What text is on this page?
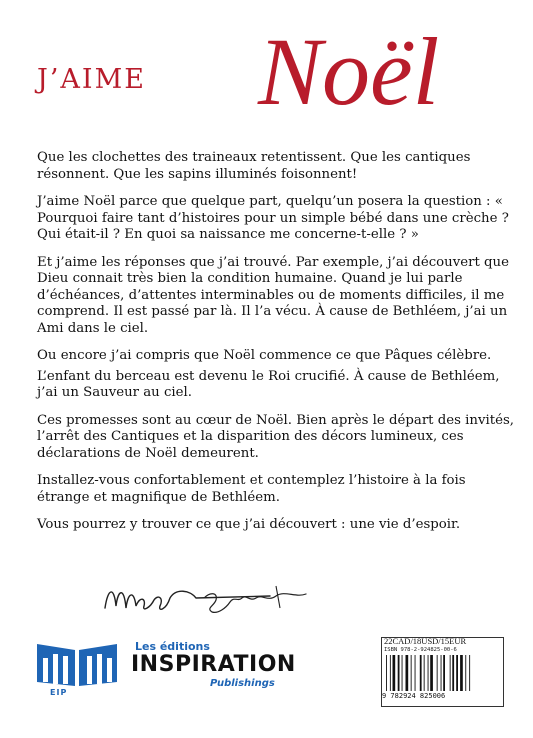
J’AIME Noël

Que les clochettes des traineaux retentissent. Que les cantiques résonnent. Que les sapins illuminés foisonnent!

J’aime Noël parce que quelque part, quelqu’un posera la question : « Pourquoi faire tant d’histoires pour un simple bébé dans une crèche ? Qui était-il ? En quoi sa naissance me concerne-t-elle ? »

Et j’aime les réponses que j’ai trouvé. Par exemple, j’ai découvert que Dieu connait très bien la condition humaine. Quand je lui parle d’échéances, d’attentes interminables ou de moments difficiles, il me comprend. Il est passé par là. Il l’a vécu. À cause de Bethléem, j’ai un Ami dans le ciel.

Ou encore j’ai compris que Noël commence ce que Pâques célèbre.

L’enfant du berceau est devenu le Roi crucifié. À cause de Bethléem, j’ai un Sauveur au ciel.

Ces promesses sont au cœur de Noël. Bien après le départ des invités, l’arrêt des Cantiques et la disparition des décors lumineux, ces déclarations de Noël demeurent.

Installez-vous confortablement et contemplez l’histoire à la fois étrange et magnifique de Bethléem.

Vous pourrez y trouver ce que j’ai découvert : une vie d’espoir.

EIP
Les éditions
INSPIRATION
Publishings
22CAD/18USD/15EUR
ISBN 978-2-924825-00-6
9 782924 825006
